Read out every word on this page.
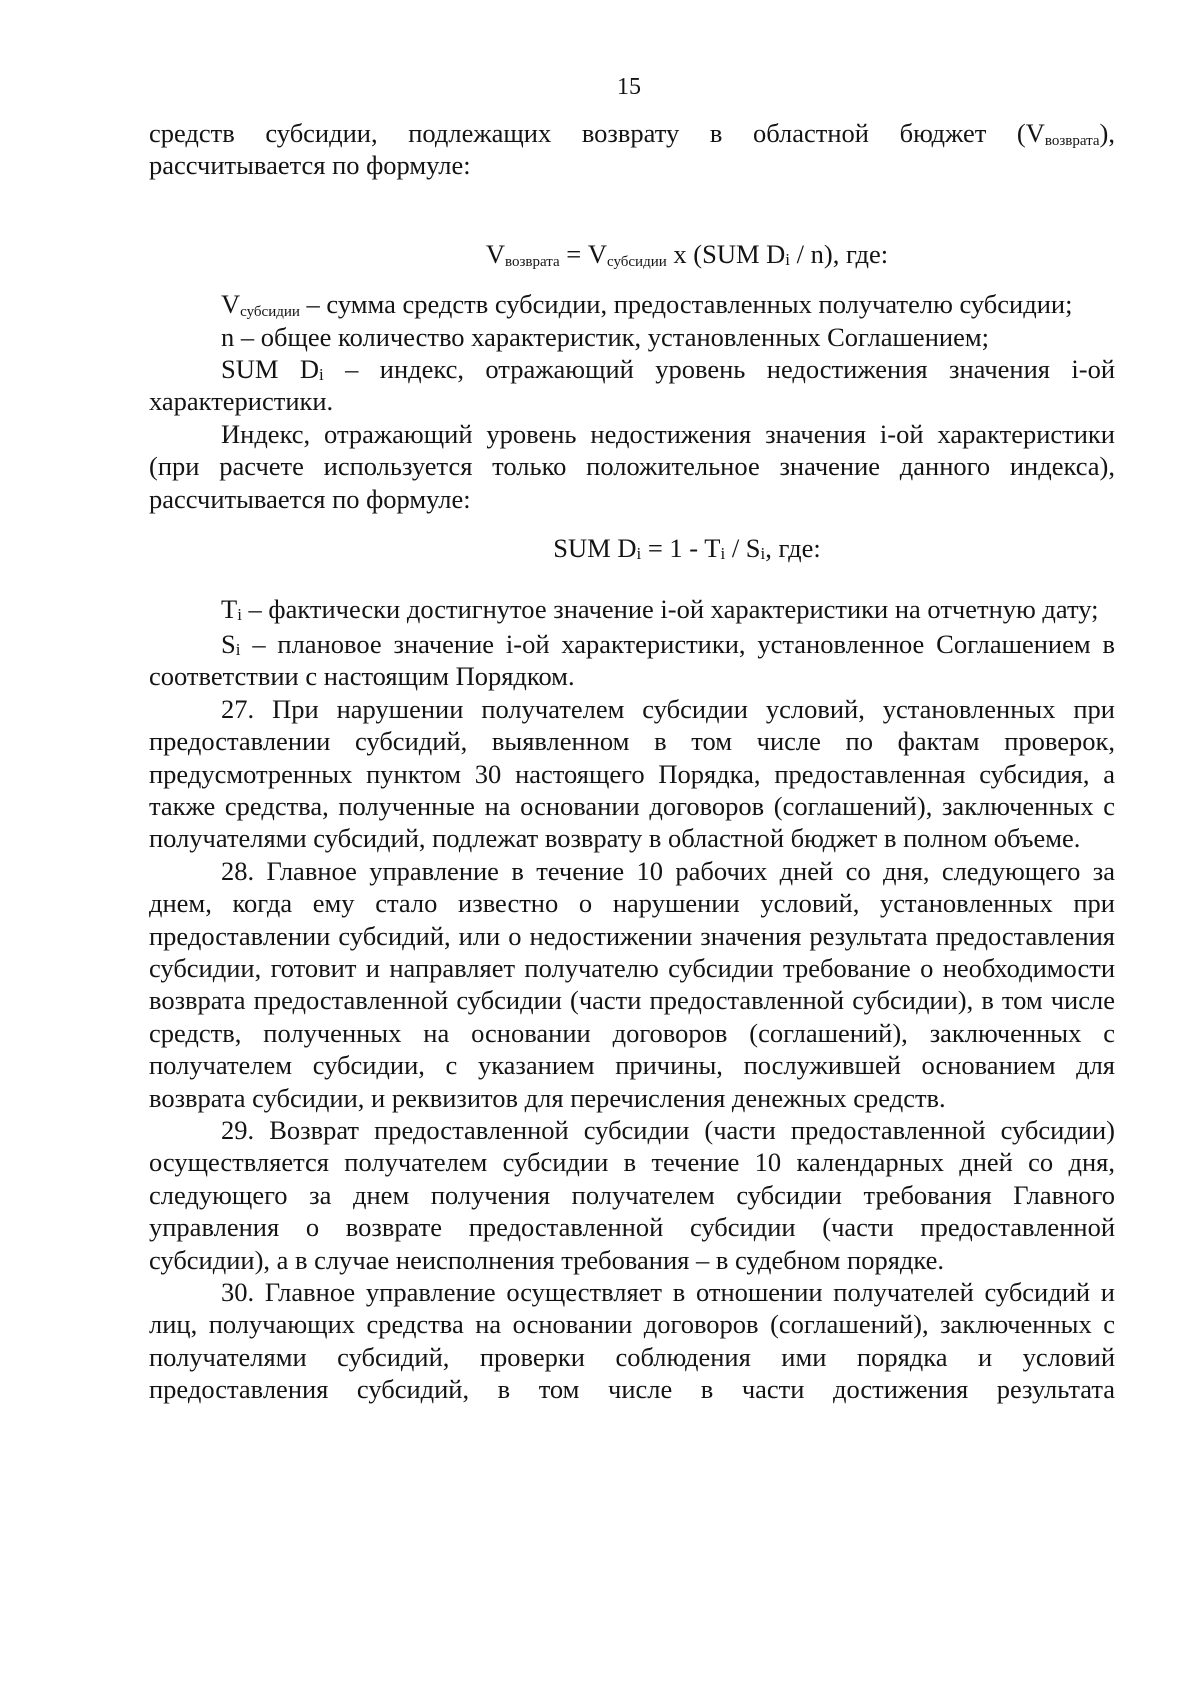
15

средств субсидии, подлежащих возврату в областной бюджет $(V_{возврата})$,

рассчитывается по формуле:

$V_{возврата} = V_{субсидии}$ х (SUM Di / n), где:

$V_{субсидии}$ – сумма средств субсидии, предоставленных получателю субсидии;

n – общее количество характеристик, установленных Соглашением;

SUM Di – индекс, отражающий уровень недостижения значения i-ой характеристики.

Индекс, отражающий уровень недостижения значения i-ой характеристики (при расчете используется только положительное значение данного индекса), рассчитывается по формуле:

SUM Di = 1 - Ti / Si, где:

Ti – фактически достигнутое значение i-ой характеристики на отчетную дату;

Si – плановое значение i-ой характеристики, установленное Соглашением в соответствии с настоящим Порядком.

27. При нарушении получателем субсидии условий, установленных при предоставлении субсидий, выявленном в том числе по фактам проверок, предусмотренных пунктом 30 настоящего Порядка, предоставленная субсидия, а также средства, полученные на основании договоров (соглашений), заключенных с получателями субсидий, подлежат возврату в областной бюджет в полном объеме.

28. Главное управление в течение 10 рабочих дней со дня, следующего за днем, когда ему стало известно о нарушении условий, установленных при предоставлении субсидий, или о недостижении значения результата предоставления субсидии, готовит и направляет получателю субсидии требование о необходимости возврата предоставленной субсидии (части предоставленной субсидии), в том числе средств, полученных на основании договоров (соглашений), заключенных с получателем субсидии, с указанием причины, послужившей основанием для возврата субсидии, и реквизитов для перечисления денежных средств.

29. Возврат предоставленной субсидии (части предоставленной субсидии) осуществляется получателем субсидии в течение 10 календарных дней со дня, следующего за днем получения получателем субсидии требования Главного управления о возврате предоставленной субсидии (части предоставленной субсидии), а в случае неисполнения требования – в судебном порядке.

30. Главное управление осуществляет в отношении получателей субсидий и лиц, получающих средства на основании договоров (соглашений), заключенных с получателями субсидий, проверки соблюдения ими порядка и условий предоставления субсидий, в том числе в части достижения результата
